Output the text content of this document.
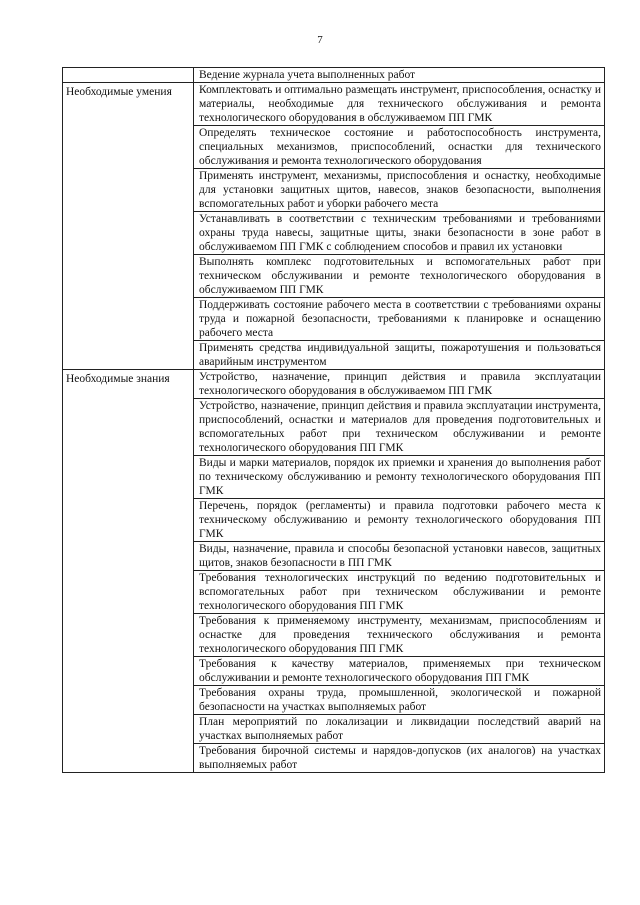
7
	Ведение журнала учета выполненных работ
Необходимые умения	Комплектовать и оптимально размещать инструмент, приспособления, оснастку и материалы, необходимые для технического обслуживания и ремонта технологического оборудования в обслуживаемом ПП ГМК
	Определять техническое состояние и работоспособность инструмента, специальных механизмов, приспособлений, оснастки для технического обслуживания и ремонта технологического оборудования
	Применять инструмент, механизмы, приспособления и оснастку, необходимые для установки защитных щитов, навесов, знаков безопасности, выполнения вспомогательных работ и уборки рабочего места
	Устанавливать в соответствии с техническим требованиями и требованиями охраны труда навесы, защитные щиты, знаки безопасности в зоне работ в обслуживаемом ПП ГМК с соблюдением способов и правил их установки
	Выполнять комплекс подготовительных и вспомогательных работ при техническом обслуживании и ремонте технологического оборудования в обслуживаемом ПП ГМК
	Поддерживать состояние рабочего места в соответствии с требованиями охраны труда и пожарной безопасности, требованиями к планировке и оснащению рабочего места
	Применять средства индивидуальной защиты, пожаротушения и пользоваться аварийным инструментом
Необходимые знания	Устройство, назначение, принцип действия и правила эксплуатации технологического оборудования в обслуживаемом ПП ГМК
	Устройство, назначение, принцип действия и правила эксплуатации инструмента, приспособлений, оснастки и материалов для проведения подготовительных и вспомогательных работ при техническом обслуживании и ремонте технологического оборудования ПП ГМК
	Виды и марки материалов, порядок их приемки и хранения до выполнения работ по техническому обслуживанию и ремонту технологического оборудования ПП ГМК
	Перечень, порядок (регламенты) и правила подготовки рабочего места к техническому обслуживанию и ремонту технологического оборудования ПП ГМК
	Виды, назначение, правила и способы безопасной установки навесов, защитных щитов, знаков безопасности в ПП ГМК
	Требования технологических инструкций по ведению подготовительных и вспомогательных работ при техническом обслуживании и ремонте технологического оборудования ПП ГМК
	Требования к применяемому инструменту, механизмам, приспособлениям и оснастке для проведения технического обслуживания и ремонта технологического оборудования ПП ГМК
	Требования к качеству материалов, применяемых при техническом обслуживании и ремонте технологического оборудования ПП ГМК
	Требования охраны труда, промышленной, экологической и пожарной безопасности на участках выполняемых работ
	План мероприятий по локализации и ликвидации последствий аварий на участках выполняемых работ
	Требования бирочной системы и нарядов-допусков (их аналогов) на участках выполняемых работ
